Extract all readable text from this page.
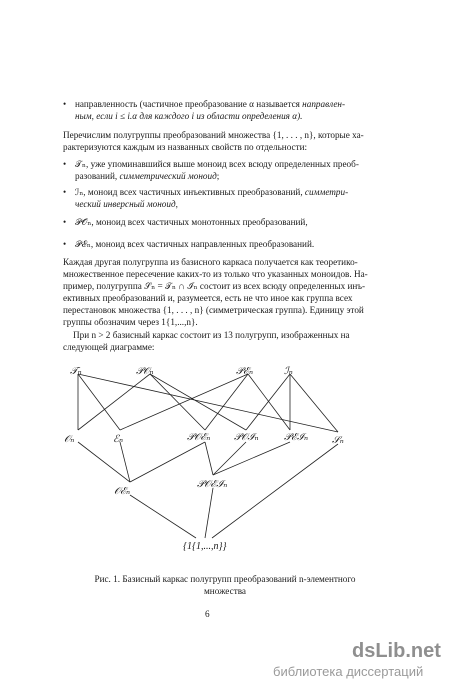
• направленность (частичное преобразование α называется направлен-
ным, если i ≤ i.α для каждого i из области определения α).
Перечислим полугруппы преобразований множества {1, . . . , n}, которые ха-
рактеризуются каждым из названных свойств по отдельности:
• 𝒯ₙ, уже упоминавшийся выше моноид всех всюду определенных преоб-
разований, симметрический моноид;
• ℐₙ, моноид всех частичных инъективных преобразований, симметри-
ческий инверсный моноид,
• 𝒫𝒪ₙ, моноид всех частичных монотонных преобразований,
• 𝒫ℰₙ, моноид всех частичных направленных преобразований.
Каждая другая полугруппа из базисного каркаса получается как теоретико-
множественное пересечение каких-то из только что указанных моноидов. На-
пример, полугруппа 𝒮ₙ = 𝒯ₙ ∩ ℐₙ состоит из всех всюду определенных инъ-
ективных преобразований и, разумеется, есть не что иное как группа всех
перестановок множества {1, . . . , n} (симметрическая группа). Единицу этой
группы обозначим через 1{1,...,n}.
При n > 2 базисный каркас состоит из 13 полугрупп, изображенных на
следующей диаграмме:
𝒯ₙ	𝒫𝒪ₙ	𝒫ℰₙ	ℐₙ
𝒪ₙ	ℰₙ	𝒫𝒪ℰₙ 𝒫𝒪ℐₙ	𝒫ℰℐₙ 𝒮ₙ
𝒪ℰₙ
𝒫𝒪ℰℐₙ
{1{1,...,n}}
Рис. 1. Базисный каркас полугрупп преобразований n-элементного
множества
6
dsLib.net
библиотека диссертаций
